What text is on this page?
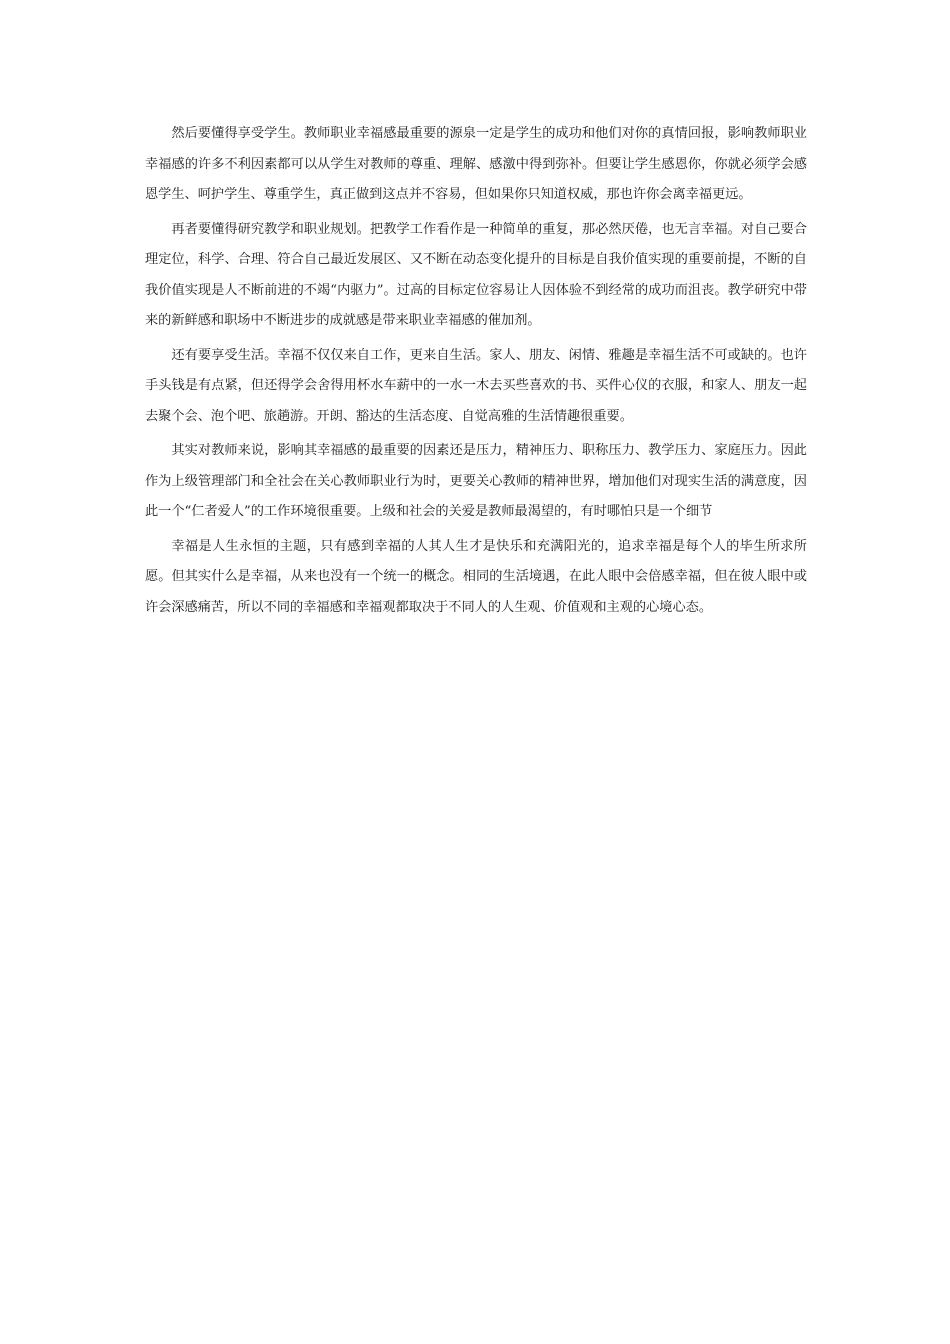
然后要懂得享受学生。教师职业幸福感最重要的源泉一定是学生的成功和他们对你的真情回报，影响教师职业幸福感的许多不利因素都可以从学生对教师的尊重、理解、感激中得到弥补。但要让学生感恩你，你就必须学会感恩学生、呵护学生、尊重学生，真正做到这点并不容易，但如果你只知道权威，那也许你会离幸福更远。

再者要懂得研究教学和职业规划。把教学工作看作是一种简单的重复，那必然厌倦，也无言幸福。对自己要合理定位，科学、合理、符合自己最近发展区、又不断在动态变化提升的目标是自我价值实现的重要前提，不断的自我价值实现是人不断前进的不竭“内驱力”。过高的目标定位容易让人因体验不到经常的成功而沮丧。教学研究中带来的新鲜感和职场中不断进步的成就感是带来职业幸福感的催加剂。

还有要享受生活。幸福不仅仅来自工作，更来自生活。家人、朋友、闲情、雅趣是幸福生活不可或缺的。也许手头钱是有点紧，但还得学会舍得用杯水车薪中的一水一木去买些喜欢的书、买件心仪的衣服，和家人、朋友一起去聚个会、泡个吧、旅趟游。开朗、豁达的生活态度、自觉高雅的生活情趣很重要。

其实对教师来说，影响其幸福感的最重要的因素还是压力，精神压力、职称压力、教学压力、家庭压力。因此作为上级管理部门和全社会在关心教师职业行为时，更要关心教师的精神世界，增加他们对现实生活的满意度，因此一个“仁者爱人”的工作环境很重要。上级和社会的关爱是教师最渴望的，有时哪怕只是一个细节

幸福是人生永恒的主题，只有感到幸福的人其人生才是快乐和充满阳光的，追求幸福是每个人的毕生所求所愿。但其实什么是幸福，从来也没有一个统一的概念。相同的生活境遇，在此人眼中会倍感幸福，但在彼人眼中或许会深感痛苦，所以不同的幸福感和幸福观都取决于不同人的人生观、价值观和主观的心境心态。
